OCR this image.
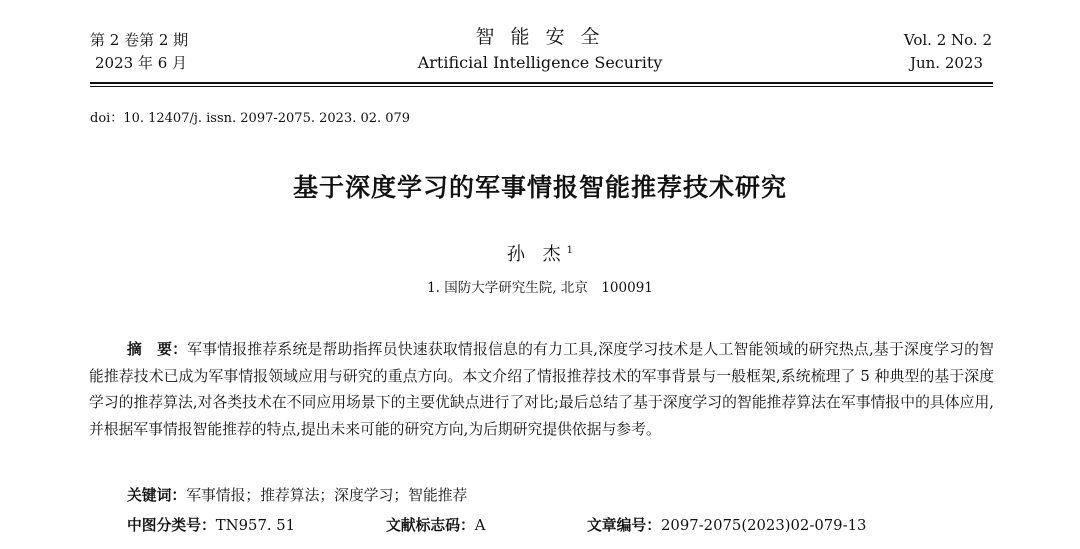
第 2 卷第 2 期
2023 年 6 月
智 能 安 全
Artificial Intelligence Security
Vol. 2 No. 2
Jun. 2023
doi：10. 12407/j. issn. 2097-2075. 2023. 02. 079
基于深度学习的军事情报智能推荐技术研究
孙 杰$^1$
1. 国防大学研究生院, 北京　100091
摘　要：军事情报推荐系统是帮助指挥员快速获取情报信息的有力工具,深度学习技术是人工智能领域的研究热点,基于深度学习的智能推荐技术已成为军事情报领域应用与研究的重点方向。本文介绍了情报推荐技术的军事背景与一般框架,系统梳理了 5 种典型的基于深度学习的推荐算法,对各类技术在不同应用场景下的主要优缺点进行了对比;最后总结了基于深度学习的智能推荐算法在军事情报中的具体应用,并根据军事情报智能推荐的特点,提出未来可能的研究方向,为后期研究提供依据与参考。
关键词：军事情报；推荐算法；深度学习；智能推荐
中图分类号：TN957. 51	文献标志码：A	文章编号：2097-2075(2023)02-079-13
